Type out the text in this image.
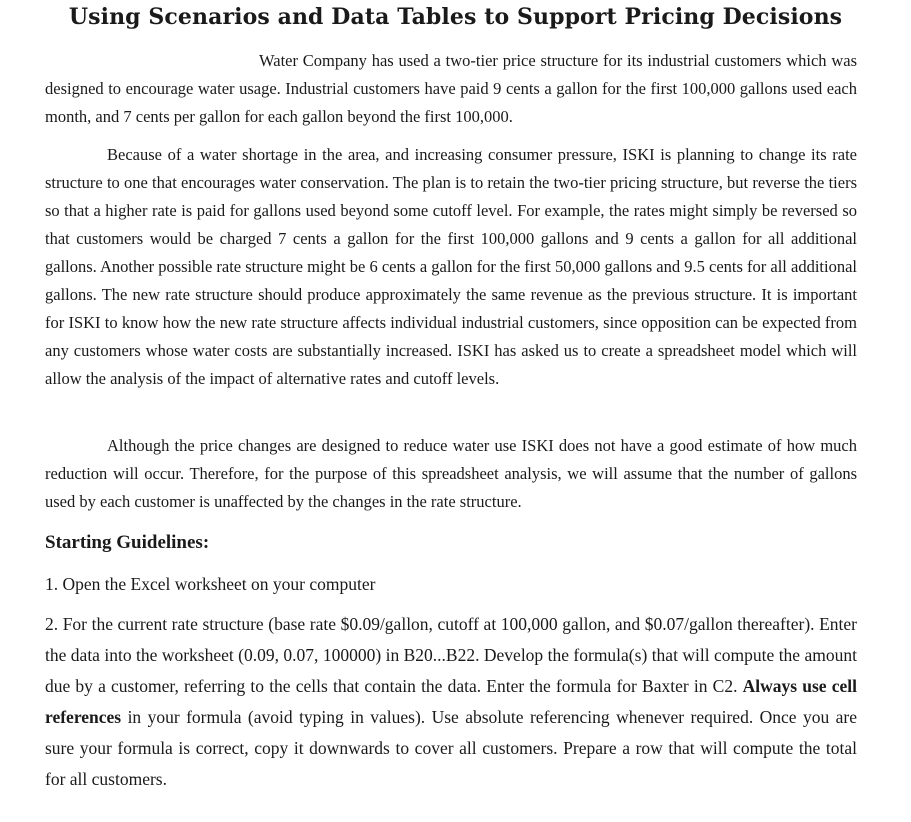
Using Scenarios and Data Tables to Support Pricing Decisions

Water Company has used a two-tier price structure for its industrial customers which was designed to encourage water usage. Industrial customers have paid 9 cents a gallon for the first 100,000 gallons used each month, and 7 cents per gallon for each gallon beyond the first 100,000.

Because of a water shortage in the area, and increasing consumer pressure, ISKI is planning to change its rate structure to one that encourages water conservation. The plan is to retain the two-tier pricing structure, but reverse the tiers so that a higher rate is paid for gallons used beyond some cutoff level. For example, the rates might simply be reversed so that customers would be charged 7 cents a gallon for the first 100,000 gallons and 9 cents a gallon for all additional gallons. Another possible rate structure might be 6 cents a gallon for the first 50,000 gallons and 9.5 cents for all additional gallons. The new rate structure should produce approximately the same revenue as the previous structure. It is important for ISKI to know how the new rate structure affects individual industrial customers, since opposition can be expected from any customers whose water costs are substantially increased. ISKI has asked us to create a spreadsheet model which will allow the analysis of the impact of alternative rates and cutoff levels.

Although the price changes are designed to reduce water use ISKI does not have a good estimate of how much reduction will occur. Therefore, for the purpose of this spreadsheet analysis, we will assume that the number of gallons used by each customer is unaffected by the changes in the rate structure.

Starting Guidelines:

1. Open the Excel worksheet on your computer

2. For the current rate structure (base rate $0.09/gallon, cutoff at 100,000 gallon, and $0.07/gallon thereafter). Enter the data into the worksheet (0.09, 0.07, 100000) in B20...B22. Develop the formula(s) that will compute the amount due by a customer, referring to the cells that contain the data. Enter the formula for Baxter in C2. Always use cell references in your formula (avoid typing in values). Use absolute referencing whenever required. Once you are sure your formula is correct, copy it downwards to cover all customers. Prepare a row that will compute the total for all customers.
